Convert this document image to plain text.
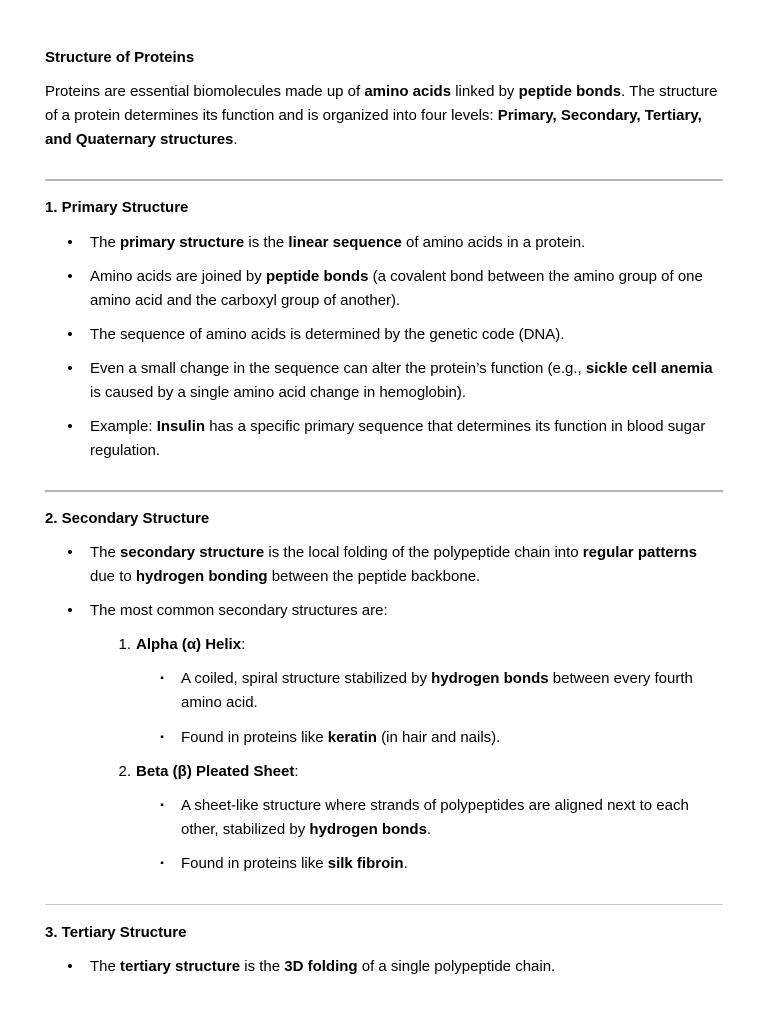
Structure of Proteins
Proteins are essential biomolecules made up of amino acids linked by peptide bonds. The structure of a protein determines its function and is organized into four levels: Primary, Secondary, Tertiary, and Quaternary structures.
1. Primary Structure
• The primary structure is the linear sequence of amino acids in a protein.
• Amino acids are joined by peptide bonds (a covalent bond between the amino group of one amino acid and the carboxyl group of another).
• The sequence of amino acids is determined by the genetic code (DNA).
• Even a small change in the sequence can alter the protein’s function (e.g., sickle cell anemia is caused by a single amino acid change in hemoglobin).
• Example: Insulin has a specific primary sequence that determines its function in blood sugar regulation.
2. Secondary Structure
• The secondary structure is the local folding of the polypeptide chain into regular patterns due to hydrogen bonding between the peptide backbone.
• The most common secondary structures are:
1. Alpha (α) Helix:
▪ A coiled, spiral structure stabilized by hydrogen bonds between every fourth amino acid.
▪ Found in proteins like keratin (in hair and nails).
2. Beta (β) Pleated Sheet:
▪ A sheet-like structure where strands of polypeptides are aligned next to each other, stabilized by hydrogen bonds.
▪ Found in proteins like silk fibroin.
3. Tertiary Structure
• The tertiary structure is the 3D folding of a single polypeptide chain.
